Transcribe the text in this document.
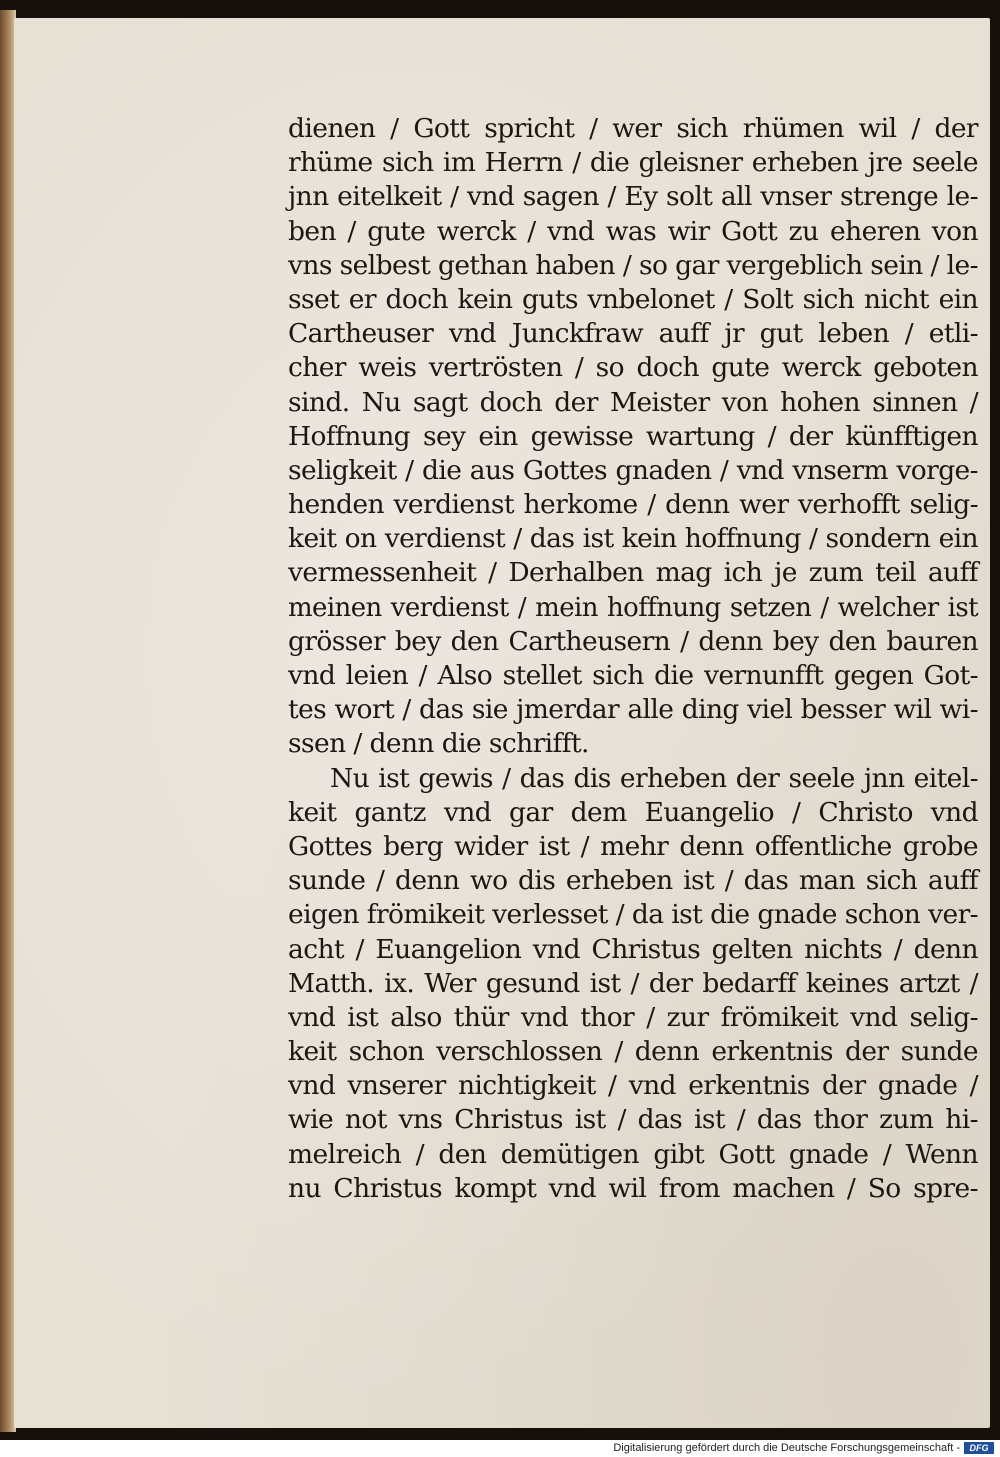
dienen / Gott spricht / wer sich rhümen wil / der
rhüme sich im Herrn / die gleisner erheben jre seele
jnn eitelkeit / vnd sagen / Ey solt all vnser strenge le-
ben / gute werck / vnd was wir Gott zu eheren von
vns selbest gethan haben / so gar vergeblich sein / le-
sset er doch kein guts vnbelonet / Solt sich nicht ein
Cartheuser vnd Junckfraw auff jr gut leben / etli-
cher weis vertrösten / so doch gute werck geboten
sind. Nu sagt doch der Meister von hohen sinnen /
Hoffnung sey ein gewisse wartung / der künfftigen
seligkeit / die aus Gottes gnaden / vnd vnserm vorge-
henden verdienst herkome / denn wer verhofft selig-
keit on verdienst / das ist kein hoffnung / sondern ein
vermessenheit / Derhalben mag ich je zum teil auff
meinen verdienst / mein hoffnung setzen / welcher ist
grösser bey den Cartheusern / denn bey den bauren
vnd leien / Also stellet sich die vernunfft gegen Got-
tes wort / das sie jmerdar alle ding viel besser wil wi-
ssen / denn die schrifft.
Nu ist gewis / das dis erheben der seele jnn eitel-
keit gantz vnd gar dem Euangelio / Christo vnd
Gottes berg wider ist / mehr denn offentliche grobe
sunde / denn wo dis erheben ist / das man sich auff
eigen frömikeit verlesset / da ist die gnade schon ver-
acht / Euangelion vnd Christus gelten nichts / denn
Matth. ix. Wer gesund ist / der bedarff keines artzt /
vnd ist also thür vnd thor / zur frömikeit vnd selig-
keit schon verschlossen / denn erkentnis der sunde
vnd vnserer nichtigkeit / vnd erkentnis der gnade /
wie not vns Christus ist / das ist / das thor zum hi-
melreich / den demütigen gibt Gott gnade / Wenn
nu Christus kompt vnd wil from machen / So spre-
Digitalisierung gefördert durch die Deutsche Forschungsgemeinschaft -	DFG
